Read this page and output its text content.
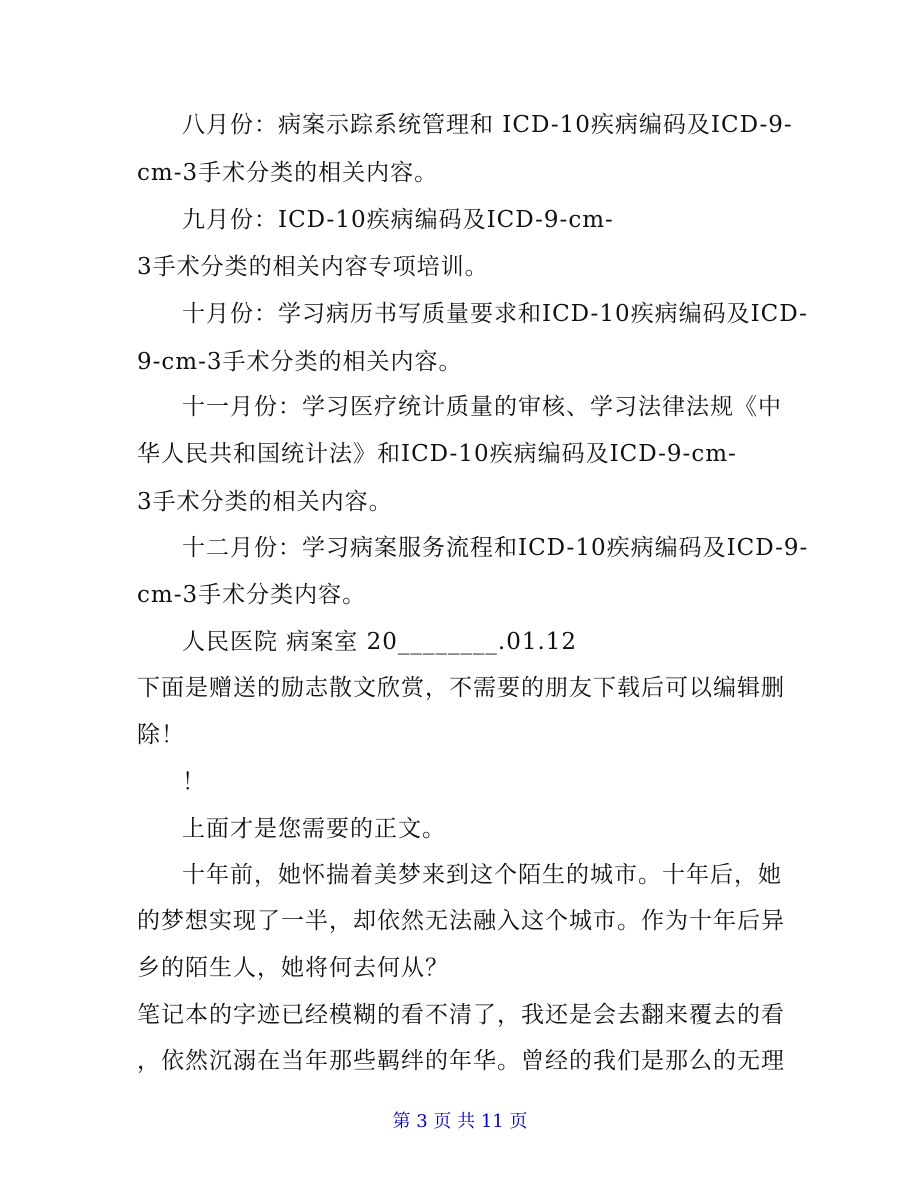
八月份：病案示踪系统管理和 ICD-10疾病编码及ICD-9-
cm-3手术分类的相关内容。
九月份：ICD-10疾病编码及ICD-9-cm-
3手术分类的相关内容专项培训。
十月份：学习病历书写质量要求和ICD-10疾病编码及ICD-
9-cm-3手术分类的相关内容。
十一月份：学习医疗统计质量的审核、学习法律法规《中
华人民共和国统计法》和ICD-10疾病编码及ICD-9-cm-
3手术分类的相关内容。
十二月份：学习病案服务流程和ICD-10疾病编码及ICD-9-
cm-3手术分类内容。
人民医院 病案室 20________.01.12
下面是赠送的励志散文欣赏，不需要的朋友下载后可以编辑删
除！
！
上面才是您需要的正文。
十年前，她怀揣着美梦来到这个陌生的城市。十年后，她
的梦想实现了一半，却依然无法融入这个城市。作为十年后异
乡的陌生人，她将何去何从？
笔记本的字迹已经模糊的看不清了，我还是会去翻来覆去的看
，依然沉溺在当年那些羁绊的年华。曾经的我们是那么的无理
第 3 页 共 11 页
